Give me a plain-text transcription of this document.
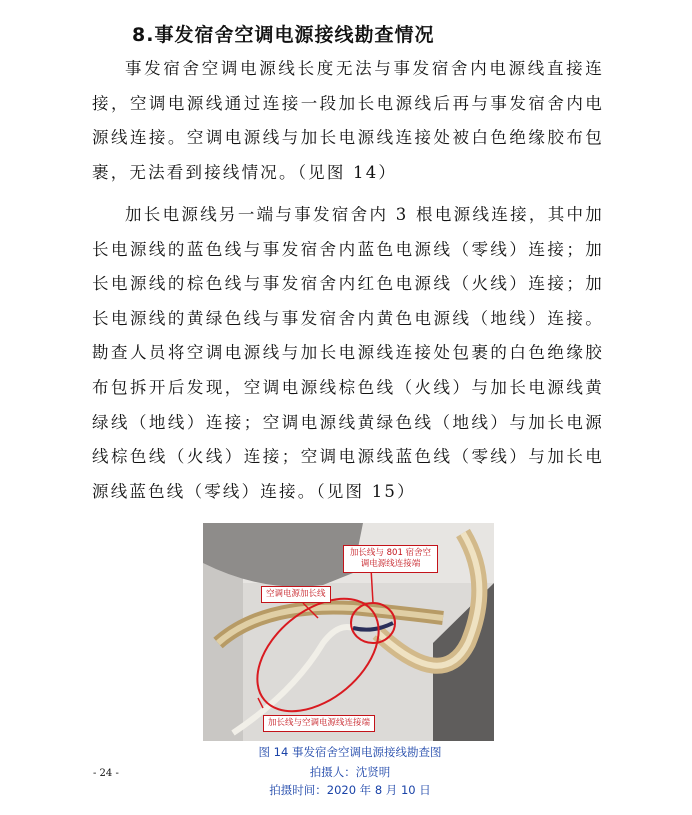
8.事发宿舍空调电源接线勘查情况
事发宿舍空调电源线长度无法与事发宿舍内电源线直接连接，空调电源线通过连接一段加长电源线后再与事发宿舍内电源线连接。空调电源线与加长电源线连接处被白色绝缘胶布包裹，无法看到接线情况。（见图 14）
加长电源线另一端与事发宿舍内 3 根电源线连接，其中加长电源线的蓝色线与事发宿舍内蓝色电源线（零线）连接；加长电源线的棕色线与事发宿舍内红色电源线（火线）连接；加长电源线的黄绿色线与事发宿舍内黄色电源线（地线）连接。勘查人员将空调电源线与加长电源线连接处包裹的白色绝缘胶布包拆开后发现，空调电源线棕色线（火线）与加长电源线黄绿线（地线）连接；空调电源线黄绿色线（地线）与加长电源线棕色线（火线）连接；空调电源线蓝色线（零线）与加长电源线蓝色线（零线）连接。（见图 15）
加长线与 801 宿舍空调电源线连接端
空调电源加长线
加长线与空调电源线连接端
- 24 -
图 14 事发宿舍空调电源接线勘查图
拍摄人：沈贤明
拍摄时间：2020 年 8 月 10 日
